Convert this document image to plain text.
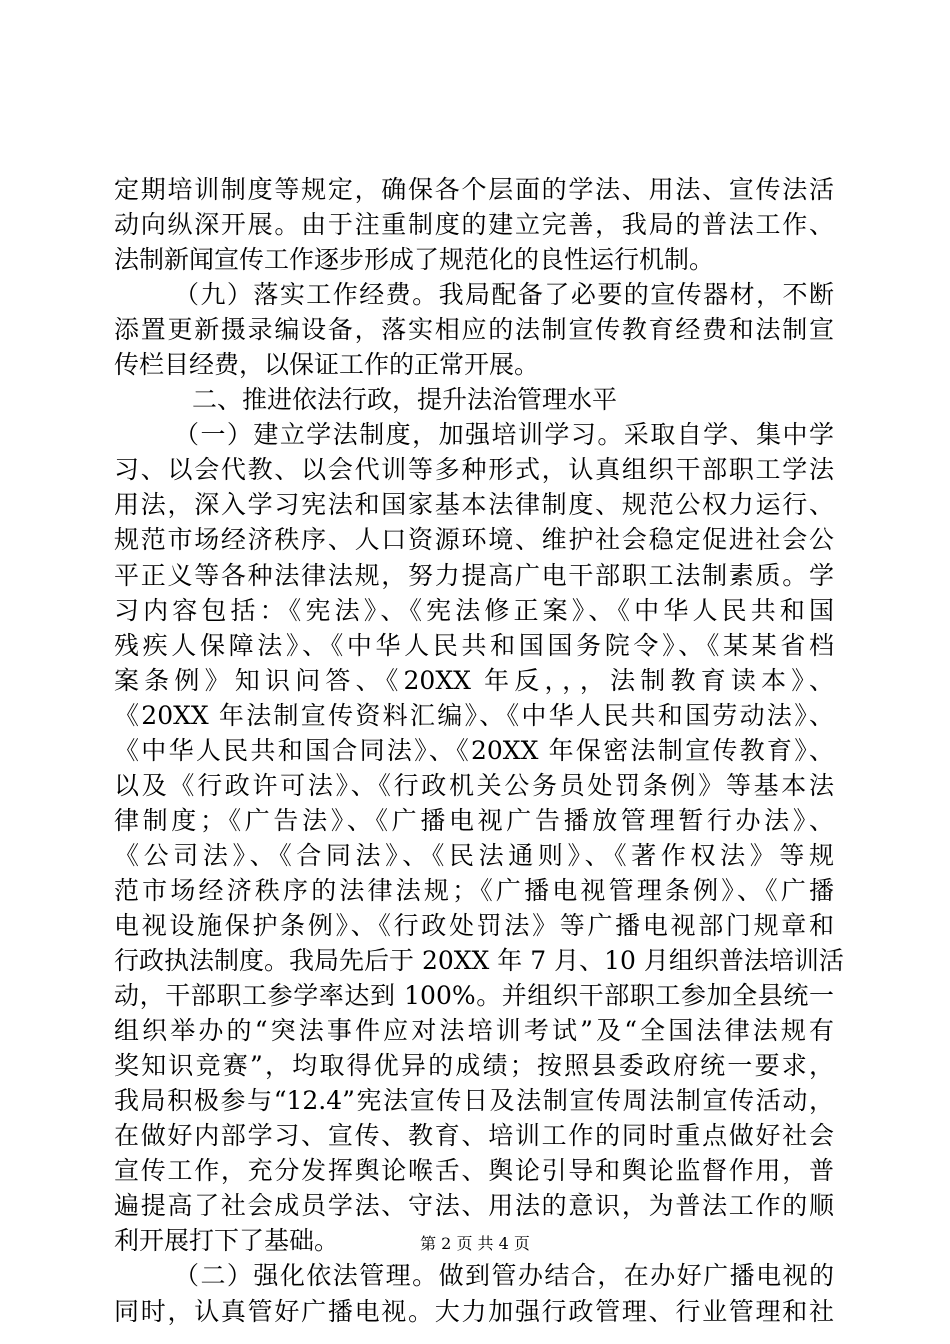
定期培训制度等规定，确保各个层面的学法、用法、宣传法活
动向纵深开展。由于注重制度的建立完善，我局的普法工作、
法制新闻宣传工作逐步形成了规范化的良性运行机制。
（九）落实工作经费。我局配备了必要的宣传器材，不断
添置更新摄录编设备，落实相应的法制宣传教育经费和法制宣
传栏目经费，以保证工作的正常开展。
二、推进依法行政，提升法治管理水平
（一）建立学法制度，加强培训学习。采取自学、集中学
习、以会代教、以会代训等多种形式，认真组织干部职工学法
用法，深入学习宪法和国家基本法律制度、规范公权力运行、
规范市场经济秩序、人口资源环境、维护社会稳定促进社会公
平正义等各种法律法规，努力提高广电干部职工法制素质。学
习内容包括：《宪法》、《宪法修正案》、《中华人民共和国
残疾人保障法》、《中华人民共和国国务院令》、《某某省档
案条例》知识问答、《20XX 年反，，，法制教育读本》、
《20XX 年法制宣传资料汇编》、《中华人民共和国劳动法》、
《中华人民共和国合同法》、《20XX 年保密法制宣传教育》、
以及《行政许可法》、《行政机关公务员处罚条例》等基本法
律制度；《广告法》、《广播电视广告播放管理暂行办法》、
《公司法》、《合同法》、《民法通则》、《著作权法》等规
范市场经济秩序的法律法规；《广播电视管理条例》、《广播
电视设施保护条例》、《行政处罚法》等广播电视部门规章和
行政执法制度。我局先后于 20XX 年 7 月、10 月组织普法培训活
动，干部职工参学率达到 100%。并组织干部职工参加全县统一
组织举办的“突法事件应对法培训考试”及“全国法律法规有
奖知识竞赛”，均取得优异的成绩；按照县委政府统一要求，
我局积极参与“12.4”宪法宣传日及法制宣传周法制宣传活动，
在做好内部学习、宣传、教育、培训工作的同时重点做好社会
宣传工作，充分发挥舆论喉舌、舆论引导和舆论监督作用，普
遍提高了社会成员学法、守法、用法的意识，为普法工作的顺
利开展打下了基础。
（二）强化依法管理。做到管办结合，在办好广播电视的
同时，认真管好广播电视。大力加强行政管理、行业管理和社
第 2 页 共 4 页
